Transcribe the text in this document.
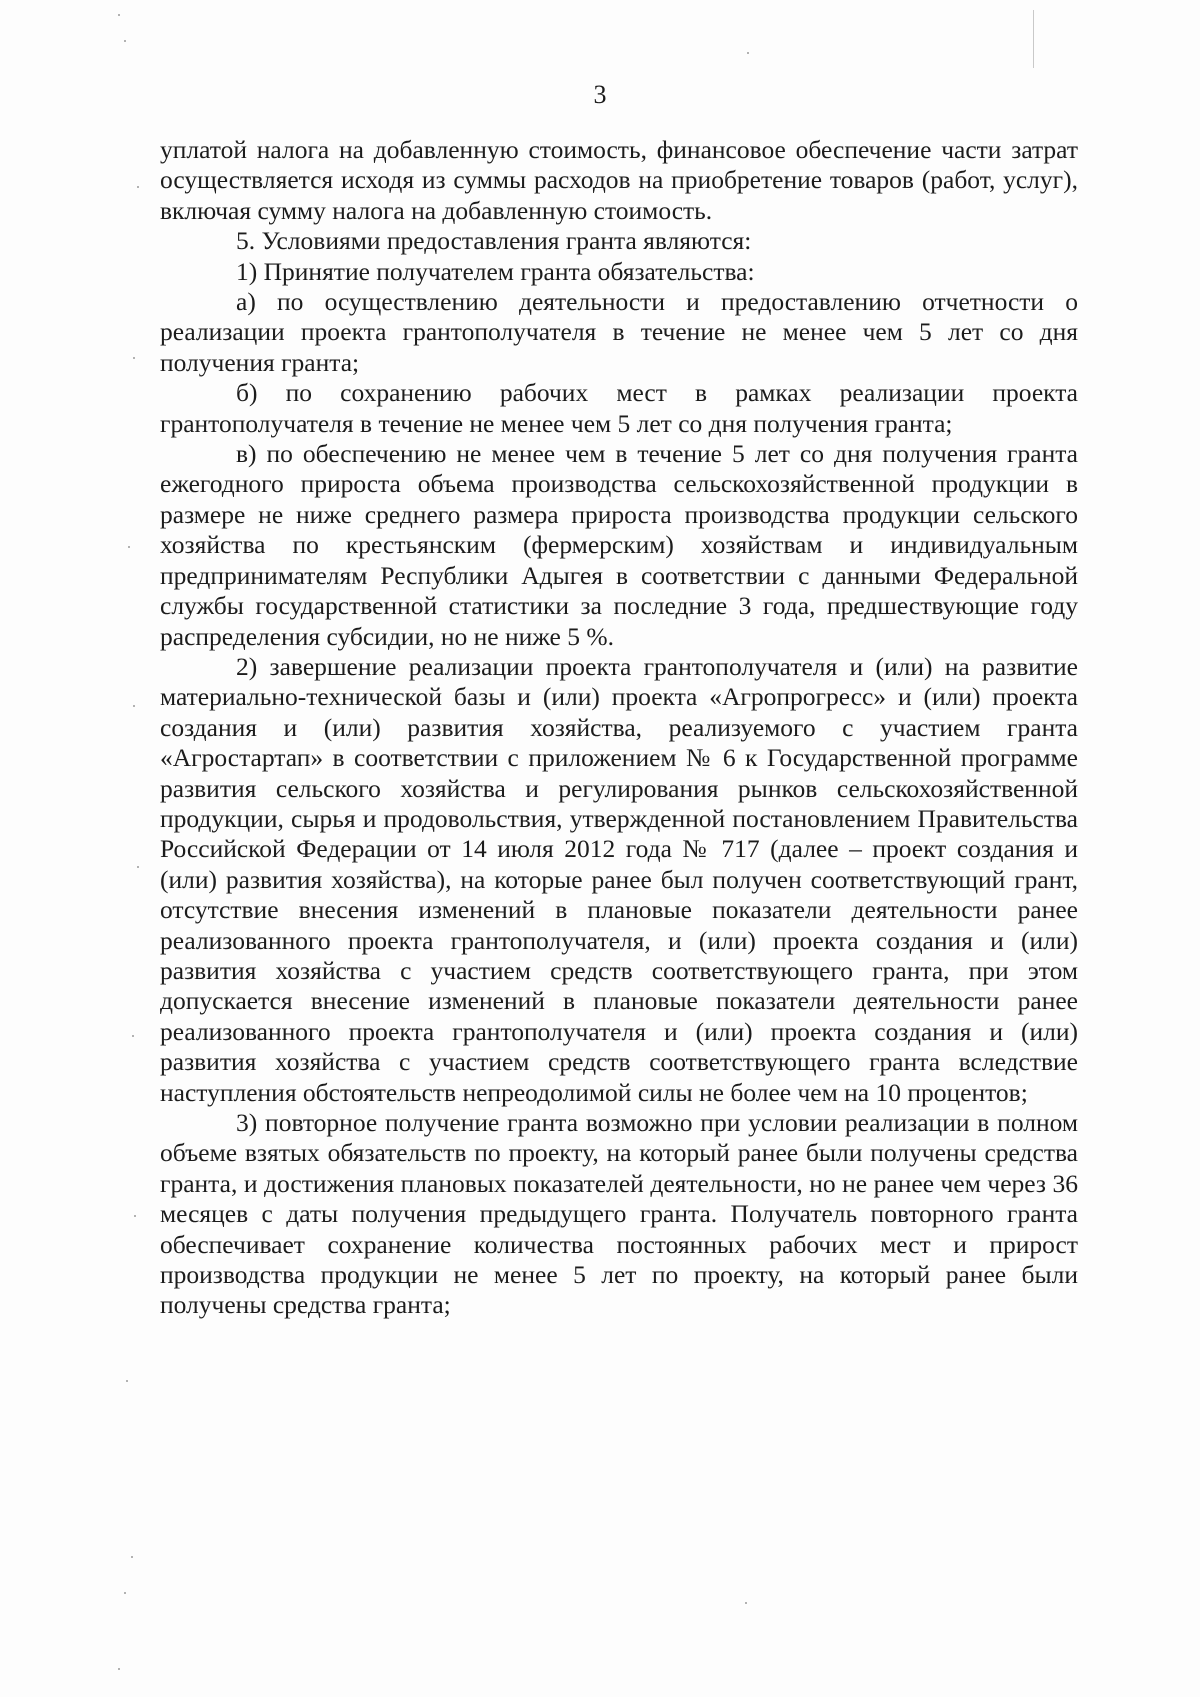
3

уплатой налога на добавленную стоимость, финансовое обеспечение части затрат осуществляется исходя из суммы расходов на приобретение товаров (работ, услуг), включая сумму налога на добавленную стоимость.

5. Условиями предоставления гранта являются:

1) Принятие получателем гранта обязательства:

а) по осуществлению деятельности и предоставлению отчетности о реализации проекта грантополучателя в течение не менее чем 5 лет со дня получения гранта;

б) по сохранению рабочих мест в рамках реализации проекта грантополучателя в течение не менее чем 5 лет со дня получения гранта;

в) по обеспечению не менее чем в течение 5 лет со дня получения гранта ежегодного прироста объема производства сельскохозяйственной продукции в размере не ниже среднего размера прироста производства продукции сельского хозяйства по крестьянским (фермерским) хозяйствам и индивидуальным предпринимателям Республики Адыгея в соответствии с данными Федеральной службы государственной статистики за последние 3 года, предшествующие году распределения субсидии, но не ниже 5 %.

2) завершение реализации проекта грантополучателя и (или) на развитие материально-технической базы и (или) проекта «Агропрогресс» и (или) проекта создания и (или) развития хозяйства, реализуемого с участием гранта «Агростартап» в соответствии с приложением № 6 к Государственной программе развития сельского хозяйства и регулирования рынков сельскохозяйственной продукции, сырья и продовольствия, утвержденной постановлением Правительства Российской Федерации от 14 июля 2012 года № 717 (далее – проект создания и (или) развития хозяйства), на которые ранее был получен соответствующий грант, отсутствие внесения изменений в плановые показатели деятельности ранее реализованного проекта грантополучателя, и (или) проекта создания и (или) развития хозяйства с участием средств соответствующего гранта, при этом допускается внесение изменений в плановые показатели деятельности ранее реализованного проекта грантополучателя и (или) проекта создания и (или) развития хозяйства с участием средств соответствующего гранта вследствие наступления обстоятельств непреодолимой силы не более чем на 10 процентов;

3) повторное получение гранта возможно при условии реализации в полном объеме взятых обязательств по проекту, на который ранее были получены средства гранта, и достижения плановых показателей деятельности, но не ранее чем через 36 месяцев с даты получения предыдущего гранта. Получатель повторного гранта обеспечивает сохранение количества постоянных рабочих мест и прирост производства продукции не менее 5 лет по проекту, на который ранее были получены средства гранта;
